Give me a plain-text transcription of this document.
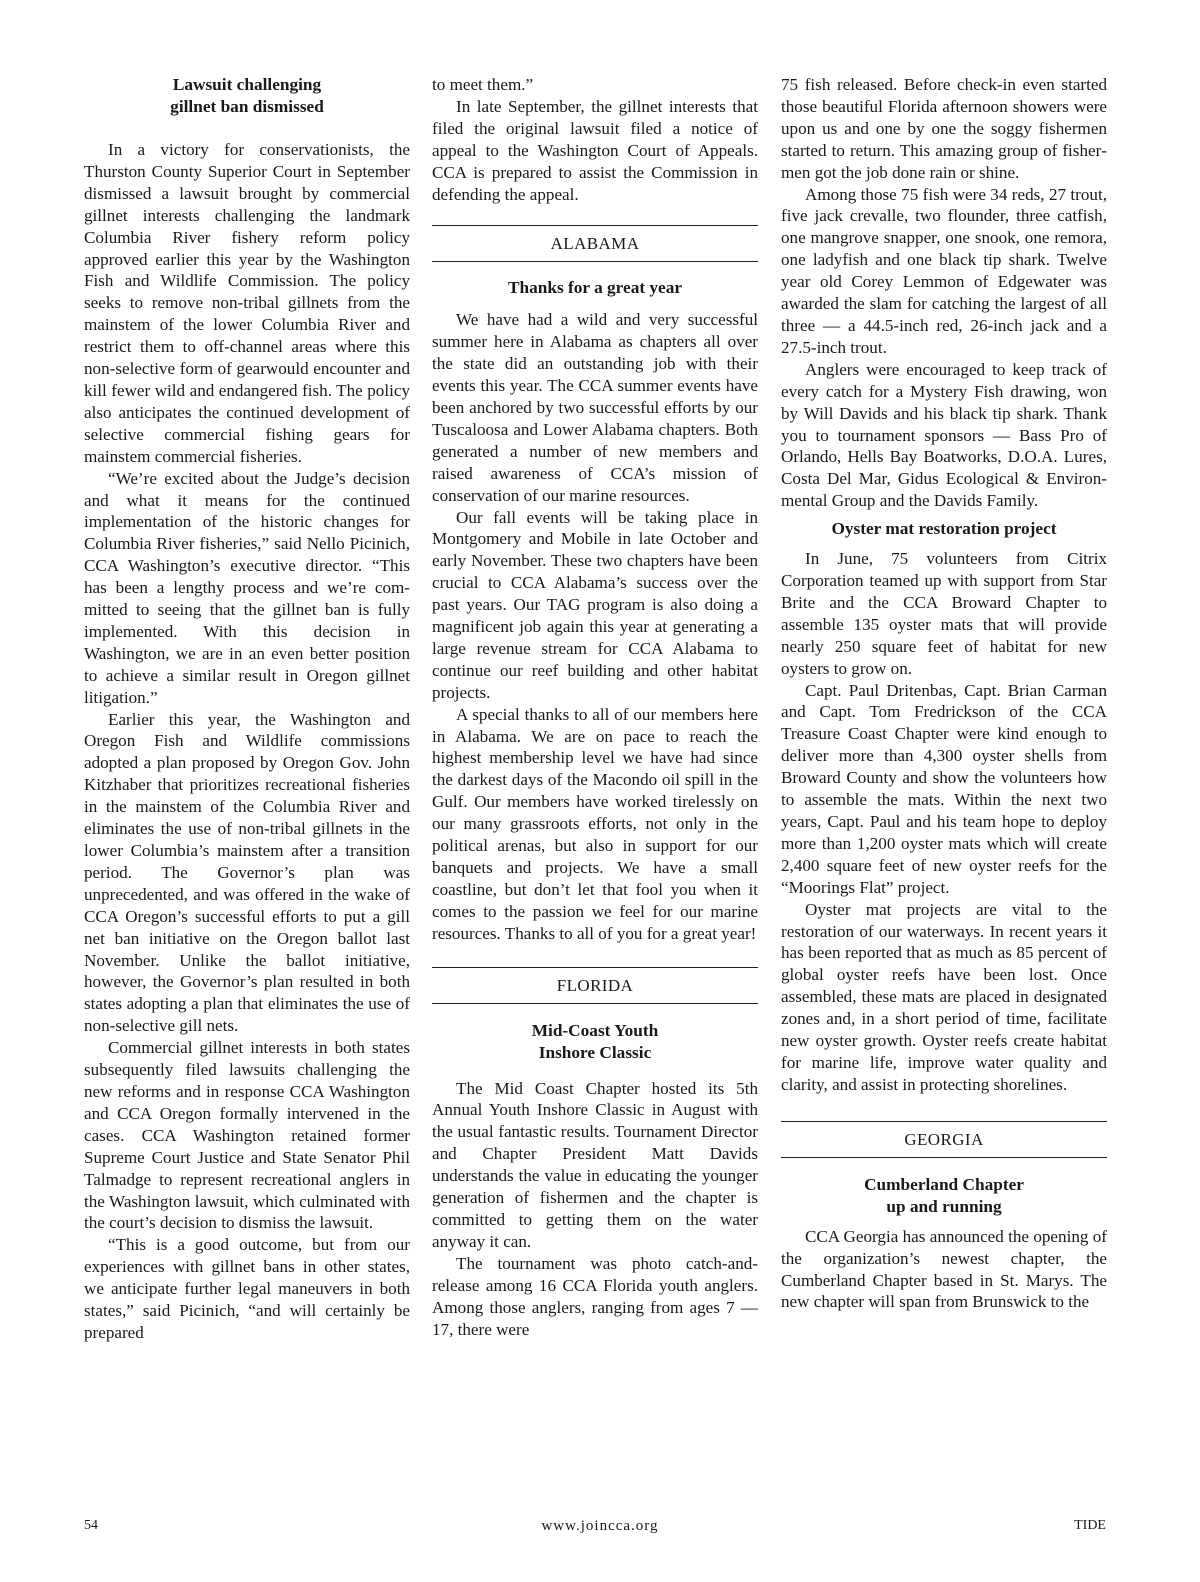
Lawsuit challenging
gillnet ban dismissed

In a victory for conservationists, the Thurston County Superior Court in September dismissed a lawsuit brought by commercial gillnet interests challenging the landmark Columbia River fishery reform policy approved earlier this year by the Washington Fish and Wildlife Commission. The policy seeks to remove non-tribal gillnets from the mainstem of the lower Columbia River and restrict them to off-channel areas where this non-selective form of gearwould encounter and kill fewer wild and endangered fish. The policy also anticipates the continued development of selective commercial fishing gears for mainstem commercial fisheries.

“We’re excited about the Judge’s decision and what it means for the continued implementation of the historic changes for Columbia River fisheries,” said Nello Picinich, CCA Washington’s executive director. “This has been a lengthy process and we’re committed to seeing that the gillnet ban is fully implemented. With this decision in Washington, we are in an even better position to achieve a similar result in Oregon gillnet litigation.”

Earlier this year, the Washington and Oregon Fish and Wildlife commissions adopted a plan proposed by Oregon Gov. John Kitzhaber that prioritizes recreational fisheries in the mainstem of the Columbia River and eliminates the use of non-tribal gillnets in the lower Columbia’s mainstem after a transition period. The Governor’s plan was unprecedented, and was offered in the wake of CCA Oregon’s successful efforts to put a gill net ban initiative on the Oregon ballot last November. Unlike the ballot initiative, however, the Governor’s plan resulted in both states adopting a plan that eliminates the use of non-selective gill nets.

Commercial gillnet interests in both states subsequently filed lawsuits challenging the new reforms and in response CCA Washington and CCA Oregon formally intervened in the cases. CCA Washington retained former Supreme Court Justice and State Senator Phil Talmadge to represent recreational anglers in the Washington lawsuit, which culminated with the court’s decision to dismiss the lawsuit.

“This is a good outcome, but from our experiences with gillnet bans in other states, we anticipate further legal maneuvers in both states,” said Picinich, “and will certainly be prepared

to meet them.”

In late September, the gillnet interests that filed the original lawsuit filed a notice of appeal to the Washington Court of Appeals. CCA is prepared to assist the Commission in defending the appeal.

ALABAMA
Thanks for a great year

We have had a wild and very successful summer here in Alabama as chapters all over the state did an outstanding job with their events this year. The CCA summer events have been anchored by two successful efforts by our Tuscaloosa and Lower Alabama chapters. Both generated a number of new members and raised awareness of CCA’s mission of conservation of our marine resources.

Our fall events will be taking place in Montgomery and Mobile in late October and early November. These two chapters have been crucial to CCA Alabama’s success over the past years. Our TAG program is also doing a magnificent job again this year at generating a large revenue stream for CCA Alabama to continue our reef building and other habitat projects.

A special thanks to all of our members here in Alabama. We are on pace to reach the highest membership level we have had since the darkest days of the Macondo oil spill in the Gulf. Our members have worked tirelessly on our many grassroots efforts, not only in the political arenas, but also in support for our banquets and projects. We have a small coastline, but don’t let that fool you when it comes to the passion we feel for our marine resources. Thanks to all of you for a great year!

FLORIDA
Mid-Coast Youth
Inshore Classic

The Mid Coast Chapter hosted its 5th Annual Youth Inshore Classic in August with the usual fantastic results. Tournament Director and Chapter President Matt Davids understands the value in educating the younger generation of fishermen and the chapter is committed to getting them on the water anyway it can.

The tournament was photo catch-and-release among 16 CCA Florida youth anglers. Among those anglers, ranging from ages 7 — 17, there were

75 fish released. Before check-in even started those beautiful Florida afternoon showers were upon us and one by one the soggy fishermen started to return. This amazing group of fishermen got the job done rain or shine.

Among those 75 fish were 34 reds, 27 trout, five jack crevalle, two flounder, three catfish, one mangrove snapper, one snook, one remora, one ladyfish and one black tip shark. Twelve year old Corey Lemmon of Edgewater was awarded the slam for catching the largest of all three — a 44.5-inch red, 26-inch jack and a 27.5-inch trout.

Anglers were encouraged to keep track of every catch for a Mystery Fish drawing, won by Will Davids and his black tip shark. Thank you to tournament sponsors — Bass Pro of Orlando, Hells Bay Boatworks, D.O.A. Lures, Costa Del Mar, Gidus Ecological & Environmental Group and the Davids Family.

Oyster mat restoration project

In June, 75 volunteers from Citrix Corporation teamed up with support from Star Brite and the CCA Broward Chapter to assemble 135 oyster mats that will provide nearly 250 square feet of habitat for new oysters to grow on.

Capt. Paul Dritenbas, Capt. Brian Carman and Capt. Tom Fredrickson of the CCA Treasure Coast Chapter were kind enough to deliver more than 4,300 oyster shells from Broward County and show the volunteers how to assemble the mats. Within the next two years, Capt. Paul and his team hope to deploy more than 1,200 oyster mats which will create 2,400 square feet of new oyster reefs for the “Moorings Flat” project.

Oyster mat projects are vital to the restoration of our waterways. In recent years it has been reported that as much as 85 percent of global oyster reefs have been lost. Once assembled, these mats are placed in designated zones and, in a short period of time, facilitate new oyster growth. Oyster reefs create habitat for marine life, improve water quality and clarity, and assist in protecting shorelines.

GEORGIA
Cumberland Chapter
up and running

CCA Georgia has announced the opening of the organization’s newest chapter, the Cumberland Chapter based in St. Marys. The new chapter will span from Brunswick to the

54	www.joincca.org	TIDE
